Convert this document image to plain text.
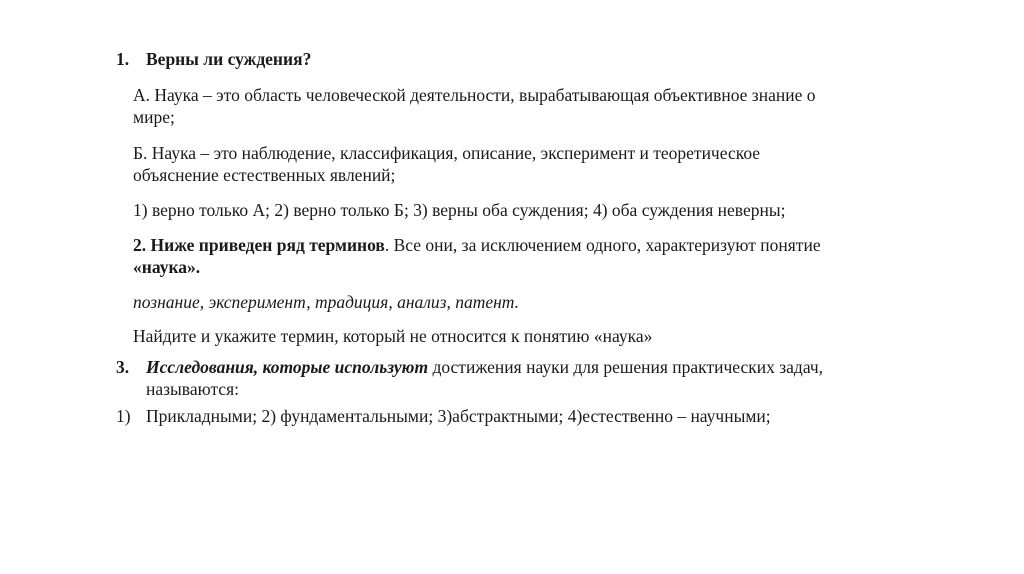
1. Верны ли суждения?
А. Наука – это область человеческой деятельности, вырабатывающая объективное знание о
мире;
Б. Наука – это наблюдение, классификация, описание, эксперимент и теоретическое
объяснение естественных явлений;
1) верно только А; 2) верно только Б; 3) верны оба суждения; 4) оба суждения неверны;
2. Ниже приведен ряд терминов. Все они, за исключением одного, характеризуют понятие
«наука».
познание, эксперимент, традиция, анализ, патент.
Найдите и укажите термин, который не относится к понятию «наука»
3. Исследования, которые используют достижения науки для решения практических задач,
называются:
1) Прикладными; 2) фундаментальными; 3)абстрактными; 4)естественно – научными;
